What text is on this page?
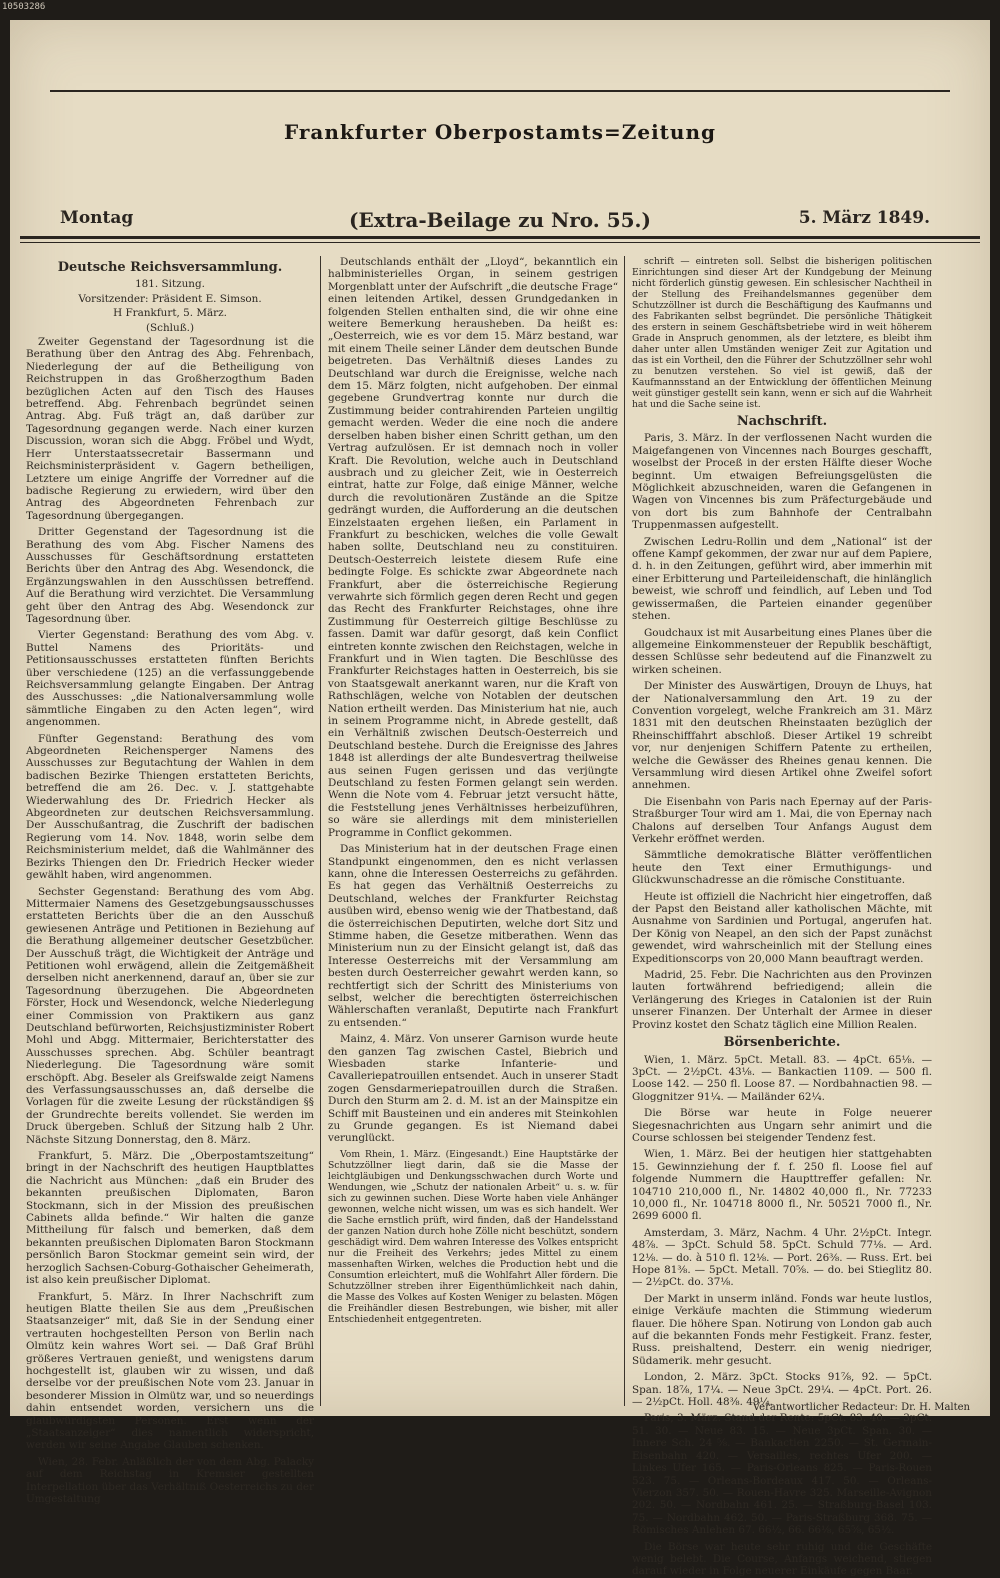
10503286
Frankfurter Oberpostamts=Zeitung
Montag	(Extra-Beilage zu Nro. 55.)	5. März 1849.
Deutsche Reichsversammlung.
181. Sitzung.
Vorsitzender: Präsident E. Simson.
H Frankfurt, 5. März.
(Schluß.)

Zweiter Gegenstand der Tagesordnung ist die Berathung über den Antrag des Abg. Fehrenbach, Niederlegung der auf die Betheiligung von Reichstruppen in das Großherzogthum Baden bezüglichen Acten auf den Tisch des Hauses betreffend. Abg. Fehrenbach begründet seinen Antrag. Abg. Fuß trägt an, daß darüber zur Tagesordnung gegangen werde. Nach einer kurzen Discussion, woran sich die Abgg. Fröbel und Wydt, Herr Unterstaatssecretair Bassermann und Reichsministerpräsident v. Gagern betheiligen, Letztere um einige Angriffe der Vorredner auf die badische Regierung zu erwiedern, wird über den Antrag des Abgeordneten Fehrenbach zur Tagesordnung übergegangen.

Dritter Gegenstand der Tagesordnung ist die Berathung des vom Abg. Fischer Namens des Ausschusses für Geschäftsordnung erstatteten Berichts über den Antrag des Abg. Wesendonck, die Ergänzungswahlen in den Ausschüssen betreffend. Auf die Berathung wird verzichtet. Die Versammlung geht über den Antrag des Abg. Wesendonck zur Tagesordnung über.

Vierter Gegenstand: Berathung des vom Abg. v. Buttel Namens des Prioritäts- und Petitionsausschusses erstatteten fünften Berichts über verschiedene (125) an die verfassunggebende Reichsversammlung gelangte Eingaben. Der Antrag des Ausschusses: „die Nationalversammlung wolle sämmtliche Eingaben zu den Acten legen“, wird angenommen.

Fünfter Gegenstand: Berathung des vom Abgeordneten Reichensperger Namens des Ausschusses zur Begutachtung der Wahlen in dem badischen Bezirke Thiengen erstatteten Berichts, betreffend die am 26. Dec. v. J. stattgehabte Wiederwahlung des Dr. Friedrich Hecker als Abgeordneten zur deutschen Reichsversammlung. Der Ausschußantrag, die Zuschrift der badischen Regierung vom 14. Nov. 1848, worin selbe dem Reichsministerium meldet, daß die Wahlmänner des Bezirks Thiengen den Dr. Friedrich Hecker wieder gewählt haben, wird angenommen.

Sechster Gegenstand: Berathung des vom Abg. Mittermaier Namens des Gesetzgebungsausschusses erstatteten Berichts über die an den Ausschuß gewiesenen Anträge und Petitionen in Beziehung auf die Berathung allgemeiner deutscher Gesetzbücher. Der Ausschuß trägt, die Wichtigkeit der Anträge und Petitionen wohl erwägend, allein die Zeitgemäßheit derselben nicht anerkennend, darauf an, über sie zur Tagesordnung überzugehen. Die Abgeordneten Förster, Hock und Wesendonck, welche Niederlegung einer Commission von Praktikern aus ganz Deutschland befürworten, Reichsjustizminister Robert Mohl und Abgg. Mittermaier, Berichterstatter des Ausschusses sprechen. Abg. Schüler beantragt Niederlegung. Die Tagesordnung wäre somit erschöpft. Abg. Beseler als Greifswalde zeigt Namens des Verfassungsausschusses an, daß derselbe die Vorlagen für die zweite Lesung der rückständigen §§ der Grundrechte bereits vollendet. Sie werden im Druck übergeben. Schluß der Sitzung halb 2 Uhr. Nächste Sitzung Donnerstag, den 8. März.

Frankfurt, 5. März. Die „Oberpostamtszeitung“ bringt in der Nachschrift des heutigen Hauptblattes die Nachricht aus München: „daß ein Bruder des bekannten preußischen Diplomaten, Baron Stockmann, sich in der Mission des preußischen Cabinets allda befinde.“ Wir halten die ganze Mittheilung für falsch und bemerken, daß dem bekannten preußischen Diplomaten Baron Stockmann persönlich Baron Stockmar gemeint sein wird, der herzoglich Sachsen-Coburg-Gothaischer Geheimerath, ist also kein preußischer Diplomat.

Frankfurt, 5. März. In Ihrer Nachschrift zum heutigen Blatte theilen Sie aus dem „Preußischen Staatsanzeiger“ mit, daß Sie in der Sendung einer vertrauten hochgestellten Person von Berlin nach Olmütz kein wahres Wort sei. — Daß Graf Brühl größeres Vertrauen genießt, und wenigstens darum hochgestellt ist, glauben wir zu wissen, und daß derselbe vor der preußischen Note vom 23. Januar in besonderer Mission in Olmütz war, und so neuerdings dahin entsendet worden, versichern uns die glaubwürdigsten Personen. Erst wenn der „Staatsanzeiger“ dies namentlich widerspricht, werden wir seine Angabe Glauben schenken.

Wien, 28. Febr. Anläßlich der von dem Abg. Palacky auf dem Reichstag in Kremsier gestellten Interpellation über das Verhältniß Oesterreichs zu der Umgestaltung

Deutschlands enthält der „Lloyd“, bekanntlich ein halbministerielles Organ, in seinem gestrigen Morgenblatt unter der Aufschrift „die deutsche Frage“ einen leitenden Artikel, dessen Grundgedanken in folgenden Stellen enthalten sind, die wir ohne eine weitere Bemerkung herausheben. Da heißt es: „Oesterreich, wie es vor dem 15. März bestand, war mit einem Theile seiner Länder dem deutschen Bunde beigetreten. Das Verhältniß dieses Landes zu Deutschland war durch die Ereignisse, welche nach dem 15. März folgten, nicht aufgehoben. Der einmal gegebene Grundvertrag konnte nur durch die Zustimmung beider contrahirenden Parteien ungiltig gemacht werden. Weder die eine noch die andere derselben haben bisher einen Schritt gethan, um den Vertrag aufzulösen. Er ist demnach noch in voller Kraft. Die Revolution, welche auch in Deutschland ausbrach und zu gleicher Zeit, wie in Oesterreich eintrat, hatte zur Folge, daß einige Männer, welche durch die revolutionären Zustände an die Spitze gedrängt wurden, die Aufforderung an die deutschen Einzelstaaten ergehen ließen, ein Parlament in Frankfurt zu beschicken, welches die volle Gewalt haben sollte, Deutschland neu zu constituiren. Deutsch-Oesterreich leistete diesem Rufe eine bedingte Folge. Es schickte zwar Abgeordnete nach Frankfurt, aber die österreichische Regierung verwahrte sich förmlich gegen deren Recht und gegen das Recht des Frankfurter Reichstages, ohne ihre Zustimmung für Oesterreich giltige Beschlüsse zu fassen. Damit war dafür gesorgt, daß kein Conflict eintreten konnte zwischen den Reichstagen, welche in Frankfurt und in Wien tagten. Die Beschlüsse des Frankfurter Reichstages hatten in Oesterreich, bis sie von Staatsgewalt anerkannt waren, nur die Kraft von Rathschlägen, welche von Notablen der deutschen Nation ertheilt werden. Das Ministerium hat nie, auch in seinem Programme nicht, in Abrede gestellt, daß ein Verhältniß zwischen Deutsch-Oesterreich und Deutschland bestehe. Durch die Ereignisse des Jahres 1848 ist allerdings der alte Bundesvertrag theilweise aus seinen Fugen gerissen und das verjüngte Deutschland zu festen Formen gelangt sein werden. Wenn die Note vom 4. Februar jetzt versucht hätte, die Feststellung jenes Verhältnisses herbeizuführen, so wäre sie allerdings mit dem ministeriellen Programme in Conflict gekommen.

Das Ministerium hat in der deutschen Frage einen Standpunkt eingenommen, den es nicht verlassen kann, ohne die Interessen Oesterreichs zu gefährden. Es hat gegen das Verhältniß Oesterreichs zu Deutschland, welches der Frankfurter Reichstag ausüben wird, ebenso wenig wie der Thatbestand, daß die österreichischen Deputirten, welche dort Sitz und Stimme haben, die Gesetze mitberathen. Wenn das Ministerium nun zu der Einsicht gelangt ist, daß das Interesse Oesterreichs mit der Versammlung am besten durch Oesterreicher gewahrt werden kann, so rechtfertigt sich der Schritt des Ministeriums von selbst, welcher die berechtigten österreichischen Wählerschaften veranlaßt, Deputirte nach Frankfurt zu entsenden.“

Mainz, 4. März. Von unserer Garnison wurde heute den ganzen Tag zwischen Castel, Biebrich und Wiesbaden starke Infanterie- und Cavalleriepatrouillen entsendet. Auch in unserer Stadt zogen Gensdarmeriepatrouillen durch die Straßen. Durch den Sturm am 2. d. M. ist an der Mainspitze ein Schiff mit Bausteinen und ein anderes mit Steinkohlen zu Grunde gegangen. Es ist Niemand dabei verunglückt.

Vom Rhein, 1. März. (Eingesandt.) Eine Hauptstärke der Schutzzöllner liegt darin, daß sie die Masse der leichtgläubigen und Denkungsschwachen durch Worte und Wendungen, wie „Schutz der nationalen Arbeit“ u. s. w. für sich zu gewinnen suchen. Diese Worte haben viele Anhänger gewonnen, welche nicht wissen, um was es sich handelt. Wer die Sache ernstlich prüft, wird finden, daß der Handelsstand der ganzen Nation durch hohe Zölle nicht beschützt, sondern geschädigt wird. Dem wahren Interesse des Volkes entspricht nur die Freiheit des Verkehrs; jedes Mittel zu einem massenhaften Wirken, welches die Production hebt und die Consumtion erleichtert, muß die Wohlfahrt Aller fördern. Die Schutzzöllner streben ihrer Eigenthümlichkeit nach dahin, die Masse des Volkes auf Kosten Weniger zu belasten. Mögen die Freihändler diesen Bestrebungen, wie bisher, mit aller Entschiedenheit entgegentreten.

schrift — eintreten soll. Selbst die bisherigen politischen Einrichtungen sind dieser Art der Kundgebung der Meinung nicht förderlich günstig gewesen. Ein schlesischer Nachtheil in der Stellung des Freihandelsmannes gegenüber dem Schutzzöllner ist durch die Beschäftigung des Kaufmanns und des Fabrikanten selbst begründet. Die persönliche Thätigkeit des erstern in seinem Geschäftsbetriebe wird in weit höherem Grade in Anspruch genommen, als der letztere, es bleibt ihm daher unter allen Umständen weniger Zeit zur Agitation und das ist ein Vortheil, den die Führer der Schutzzöllner sehr wohl zu benutzen verstehen. So viel ist gewiß, daß der Kaufmannsstand an der Entwicklung der öffentlichen Meinung weit günstiger gestellt sein kann, wenn er sich auf die Wahrheit hat und die Sache seine ist.

Nachschrift.

Paris, 3. März. In der verflossenen Nacht wurden die Maigefangenen von Vincennes nach Bourges geschafft, woselbst der Proceß in der ersten Hälfte dieser Woche beginnt. Um etwaigen Befreiungsgelüsten die Möglichkeit abzuschneiden, waren die Gefangenen in Wagen von Vincennes bis zum Präfecturgebäude und von dort bis zum Bahnhofe der Centralbahn Truppenmassen aufgestellt.

Zwischen Ledru-Rollin und dem „National“ ist der offene Kampf gekommen, der zwar nur auf dem Papiere, d. h. in den Zeitungen, geführt wird, aber immerhin mit einer Erbitterung und Parteileidenschaft, die hinlänglich beweist, wie schroff und feindlich, auf Leben und Tod gewissermaßen, die Parteien einander gegenüber stehen.

Goudchaux ist mit Ausarbeitung eines Planes über die allgemeine Einkommensteuer der Republik beschäftigt, dessen Schlüsse sehr bedeutend auf die Finanzwelt zu wirken scheinen.

Der Minister des Auswärtigen, Drouyn de Lhuys, hat der Nationalversammlung den Art. 19 zu der Convention vorgelegt, welche Frankreich am 31. März 1831 mit den deutschen Rheinstaaten bezüglich der Rheinschifffahrt abschloß. Dieser Artikel 19 schreibt vor, nur denjenigen Schiffern Patente zu ertheilen, welche die Gewässer des Rheines genau kennen. Die Versammlung wird diesen Artikel ohne Zweifel sofort annehmen.

Die Eisenbahn von Paris nach Epernay auf der Paris-Straßburger Tour wird am 1. Mai, die von Epernay nach Chalons auf derselben Tour Anfangs August dem Verkehr eröffnet werden.

Sämmtliche demokratische Blätter veröffentlichen heute den Text einer Ermuthigungs- und Glückwunschadresse an die römische Constituante.

Heute ist offiziell die Nachricht hier eingetroffen, daß der Papst den Beistand aller katholischen Mächte, mit Ausnahme von Sardinien und Portugal, angerufen hat. Der König von Neapel, an den sich der Papst zunächst gewendet, wird wahrscheinlich mit der Stellung eines Expeditionscorps von 20,000 Mann beauftragt werden.

Madrid, 25. Febr. Die Nachrichten aus den Provinzen lauten fortwährend befriedigend; allein die Verlängerung des Krieges in Catalonien ist der Ruin unserer Finanzen. Der Unterhalt der Armee in dieser Provinz kostet den Schatz täglich eine Million Realen.

Börsenberichte.

Wien, 1. März. 5pCt. Metall. 83. — 4pCt. 65⅛. — 3pCt. — 2½pCt. 43⅛. — Bankactien 1109. — 500 fl. Loose 142. — 250 fl. Loose 87. — Nordbahnactien 98. — Gloggnitzer 91¼. — Mailänder 62¼.

Die Börse war heute in Folge neuerer Siegesnachrichten aus Ungarn sehr animirt und die Course schlossen bei steigender Tendenz fest.

Wien, 1. März. Bei der heutigen hier stattgehabten 15. Gewinnziehung der f. f. 250 fl. Loose fiel auf folgende Nummern die Haupttreffer gefallen: Nr. 104710 210,000 fl., Nr. 14802 40,000 fl., Nr. 77233 10,000 fl., Nr. 104718 8000 fl., Nr. 50521 7000 fl., Nr. 2699 6000 fl.

Amsterdam, 3. März, Nachm. 4 Uhr. 2½pCt. Integr. 48⅞. — 3pCt. Schuld 58. 5pCt. Schuld 77⅛. — Ard. 12⅛. — do. à 510 fl. 12⅛. — Port. 26⅜. — Russ. Ert. bei Hope 81⅜. — 5pCt. Metall. 70⅝. — do. bei Stieglitz 80. — 2½pCt. do. 37⅛.

Der Markt in unserm inländ. Fonds war heute lustlos, einige Verkäufe machten die Stimmung wiederum flauer. Die höhere Span. Notirung von London gab auch auf die bekannten Fonds mehr Festigkeit. Franz. fester, Russ. preishaltend, Desterr. ein wenig niedriger, Südamerik. mehr gesucht.

London, 2. März. 3pCt. Stocks 91⅞, 92. — 5pCt. Span. 18⅞, 17¼. — Neue 3pCt. 29¼. — 4pCt. Port. 26. — 2½pCt. Holl. 48⅜. 49¼.

Paris, 3. März. Stand der Rente: 5pCt. 83. 40. — 3pCt. 51. 30. — Neue 83. 15. — Neue 3pCt. Span. 30. — Innere Sch. 24 ⅝. — Bankactien 2250. — St. Germain-Eisenbahn 420. — Versailles, rechtes Ufer 200. — Linkes Ufer 165. — Paris-Orleans 825. — Paris-Rouen 523. 75. — Orleans-Bordeaux 417. 50. — Orleans-Vierzon 357. 50. — Rouen-Havre 325. Marseille-Avignon 202. 50. — Nordbahn 461. 25. — Straßburg-Basel 103. 75. — Nordbahn 462. 50. — Paris-Straßburg 368. 75. — Römisches Anlehen 67. 66½, 66. 66⅛, 65⅝, 65½.

Die Börse war heute sehr ruhig und die Geschäfte wenig belebt. Die Course, Anfangs weichend, stiegen darauf wieder in Folge neuerer Einkäufe gegen Baar.

Verantwortlicher Redacteur: Dr. H. Malten
